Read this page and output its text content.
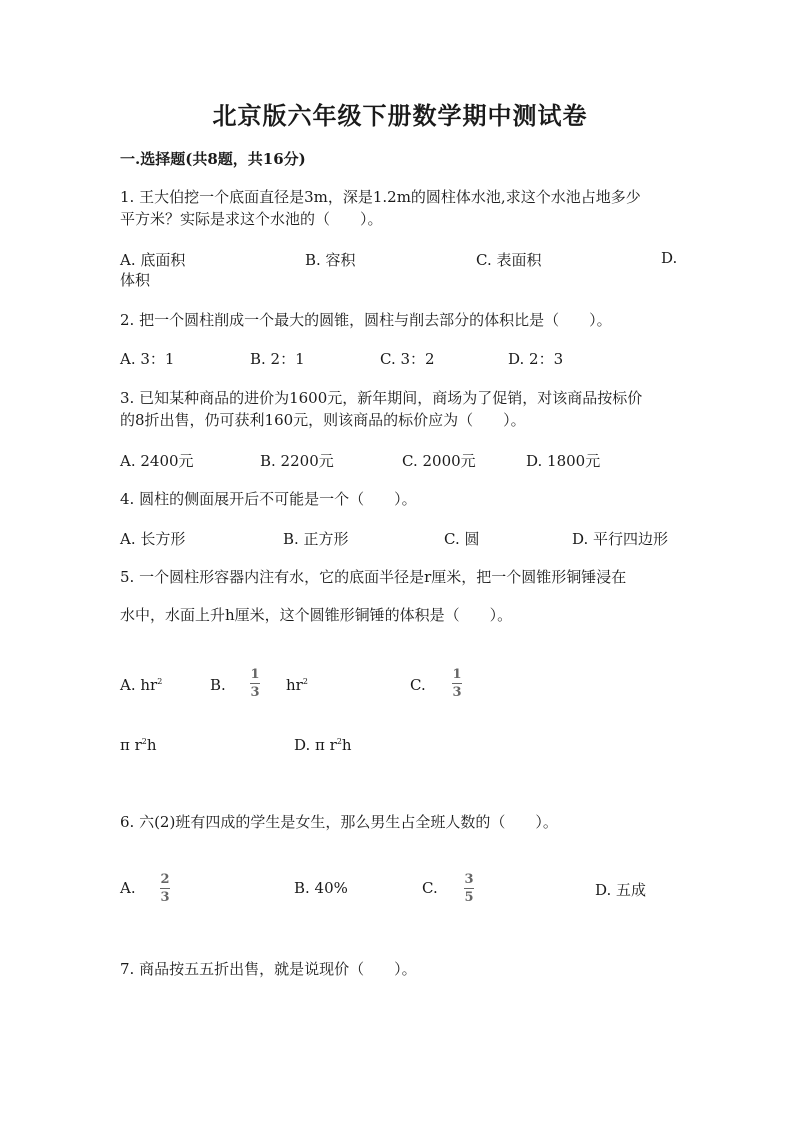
北京版六年级下册数学期中测试卷
一.选择题(共8题，共16分)
1. 王大伯挖一个底面直径是3m，深是1.2m的圆柱体水池,求这个水池占地多少
平方米？实际是求这个水池的（　　）。
A. 底面积	B. 容积	C. 表面积	D.
体积
2. 把一个圆柱削成一个最大的圆锥，圆柱与削去部分的体积比是（　　）。
A. 3：1	B. 2：1	C. 3：2	D. 2：3
3. 已知某种商品的进价为1600元，新年期间，商场为了促销，对该商品按标价
的8折出售，仍可获利160元，则该商品的标价应为（　　）。
A. 2400元	B. 2200元	C. 2000元	D. 1800元
4. 圆柱的侧面展开后不可能是一个（　　）。
A. 长方形	B. 正方形	C. 圆	D. 平行四边形
5. 一个圆柱形容器内注有水，它的底面半径是r厘米，把一个圆锥形铜锤浸在
水中，水面上升h厘米，这个圆锥形铜锤的体积是（　　）。
A. $hr^2$	B.
1
3 $hr^2$	C.
1
3
π $r^2h$	D. π $r^2h$
6. 六(2)班有四成的学生是女生，那么男生占全班人数的（　　）。
A. 2
3
B. 40%	C. 3
5	D. 五成
7. 商品按五五折出售，就是说现价（　　）。
